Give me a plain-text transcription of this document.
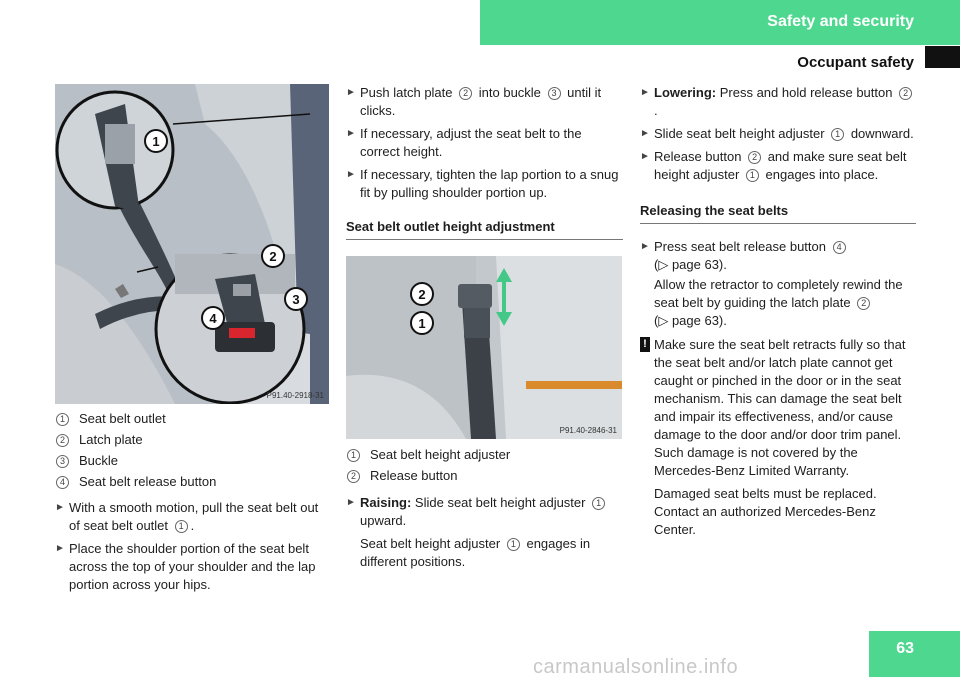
Safety and security
Occupant safety
1
2
3
4
P91.40-2918-31
1	Seat belt outlet
2	Latch plate
3	Buckle
4	Seat belt release button

► With a smooth motion, pull the seat belt out of seat belt outlet 1 .

► Place the shoulder portion of the seat belt across the top of your shoulder and the lap portion across your hips.

► Push latch plate 2 into buckle 3 until it clicks.

► If necessary, adjust the seat belt to the correct height.

► If necessary, tighten the lap portion to a snug fit by pulling shoulder portion up.

Seat belt outlet height adjustment
2
1
P91.40-2846-31
1	Seat belt height adjuster
2	Release button

► Raising: Slide seat belt height adjuster 1 upward.

Seat belt height adjuster 1 engages in different positions.

► Lowering: Press and hold release button 2.

► Slide seat belt height adjuster 1 downward.

► Release button 2 and make sure seat belt height adjuster 1 engages into place.

Releasing the seat belts

► Press seat belt release button 4
(▷ page 63).

Allow the retractor to completely rewind the seat belt by guiding the latch plate 2
(▷ page 63).

! Make sure the seat belt retracts fully so that the seat belt and/or latch plate cannot get caught or pinched in the door or in the seat mechanism. This can damage the seat belt and impair its effectiveness, and/or cause damage to the door and/or door trim panel. Such damage is not covered by the Mercedes-Benz Limited Warranty.

Damaged seat belts must be replaced. Contact an authorized Mercedes-Benz Center.

63
carmanualsonline.info
